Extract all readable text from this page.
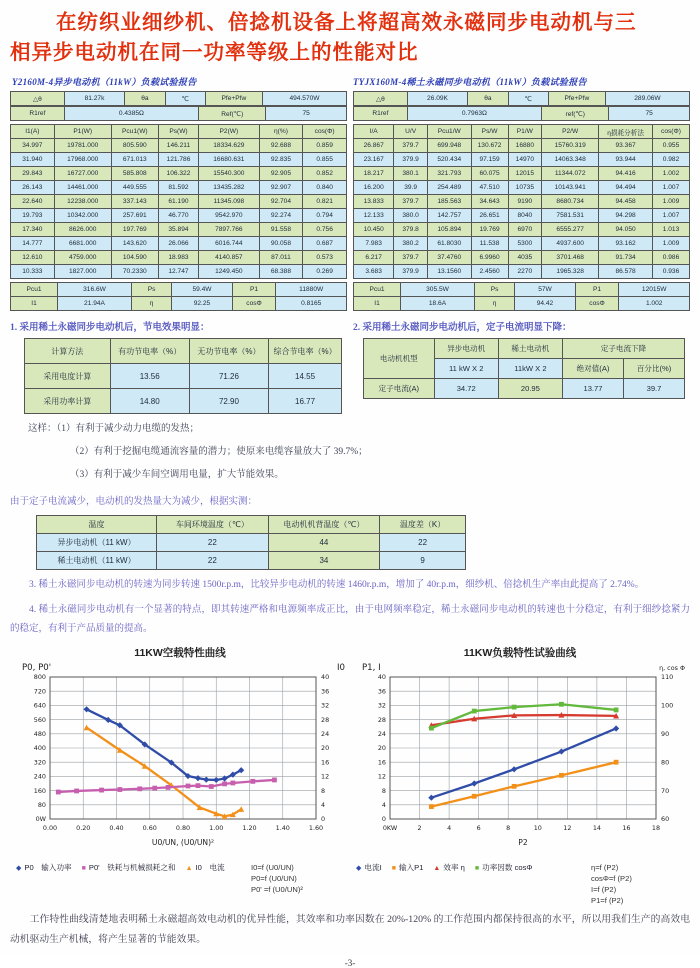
在纺织业细纱机、倍捻机设备上将超高效永磁同步电动机与三
相异步电动机在同一功率等级上的性能对比
Y2160M-4异步电动机（11kW）负载试验报告	TYJX160M-4稀土永磁同步电动机（11kW）负载试验报告
△θ	81.27k	θa	℃	Pfe+Pfw	494.570W
R1ref	0.4385Ω	Ref(℃)	75
I1(A)	P1(W)	Pcu1(W)	Ps(W)	P2(W)	η(%)	cos(Φ)
34.997	19781.000	805.590	146.211	18334.629	92.688	0.859
31.940	17968.000	671.013	121.786	16680.631	92.835	0.855
29.843	16727.000	585.808	106.322	15540.300	92.905	0.852
26.143	14461.000	449.555	81.592	13435.282	92.907	0.840
22.640	12238.000	337.143	61.190	11345.098	92.704	0.821
19.793	10342.000	257.691	46.770	9542.970	92.274	0.794
17.340	8626.000	197.769	35.894	7897.766	91.558	0.756
14.777	6681.000	143.620	26.066	6016.744	90.058	0.687
12.610	4759.000	104.590	18.983	4140.857	87.011	0.573
10.333	1827.000	70.2330	12.747	1249.450	68.388	0.269
Pcu1	316.6W	Ps	59.4W	P1	11880W
I1	21.94A	η	92.25	cosΦ	0.8165
△θ	26.09K	θa	℃	Pfe+Pfw	289.06W
R1ref	0.7963Ω	ref(℃)	75
I/A	U/V	Pcu1/W	Ps/W	P1/W	P2/W	η损耗分析法	cos(Φ)
26.867	379.7	699.948	130.672	16880	15760.319	93.367	0.955
23.167	379.9	520.434	97.159	14970	14063.348	93.944	0.982
18.217	380.1	321.793	60.075	12015	11344.072	94.416	1.002
16.200	39.9	254.489	47.510	10735	10143.941	94.494	1.007
13.833	379.7	185.563	34.643	9190	8680.734	94.458	1.009
12.133	380.0	142.757	26.651	8040	7581.531	94.298	1.007
10.450	379.8	105.894	19.769	6970	6555.277	94.050	1.013
7.983	380.2	61.8030	11.538	5300	4937.600	93.162	1.009
6.217	379.7	37.4760	6.9960	4035	3701.468	91.734	0.986
3.683	379.9	13.1560	2.4560	2270	1965.328	86.578	0.936
Pcu1	305.5W	Ps	57W	P1	12015W
I1	18.6A	η	94.42	cosΦ	1.002
1. 采用稀土永磁同步电动机后，节电效果明显：
计算方法	有功节电率（%）	无功节电率（%）	综合节电率（%）
采用电度计算	13.56	71.26	14.55
采用功率计算	14.80	72.90	16.77
2. 采用稀土永磁同步电动机后，定子电流明显下降：
电动机机型	异步电动机	稀土电动机	定子电流下降	
	11 kW X 2	11kW X 2	绝对值(A)	百分比(%)
定子电流(A)	34.72	20.95	13.77	39.7
这样：（1）有利于减少动力电缆的发热；
（2）有利于挖掘电缆通流容量的潜力；使原来电缆容量放大了 39.7%；
（3）有利于减少车间空调用电量，扩大节能效果。
由于定子电流减少，电动机的发热量大为减少，根据实测：
温度	车间环境温度（℃）	电动机机背温度（℃）	温度差（K）
异步电动机（11 kW）	22	44	22
稀土电动机（11 kW）	22	34	9
3. 稀土永磁同步电动机的转速为同步转速 1500r.p.m，比较异步电动机的转速 1460r.p.m，增加了 40r.p.m，细纱机、倍捻机生产率由此提高了 2.74%。
4. 稀土永磁同步电动机有一个显著的特点，即其转速严格和电源频率成正比，由于电网频率稳定，稀土永磁同步电动机的转速也十分稳定，有利于细纱捻紧力的稳定，有利于产品质量的提高。
11KW空载特性曲线
0.00	0.20	0.40	0.60	0.80	1.00	1.20	1.40	1.60
0W
80
160
240
320
400
480
560
640
720
800
0
4
8
12
16
20
24
28
32
36
40
P0, P0'	I0
U0/UN, (U0/UN)²
◆ P0　输入功率 ■ P0'　铁耗与机械损耗之和 ▲ I0　电流	I0=f (U0/UN)
P0=f (U0/UN)
P0' =f (U0/UN)²
11KW负载特性试验曲线
0KW	2	4	6	8	10	12	14	16	18
0
4
8
12
16
20
24
28
32
36
40
60
70
80
90
100
110
P1, I	η, cos Φ
P2
◆ 电流I ■ 输入P1 ▲ 效率 η ■ 功率因数 cosΦ	η=f (P2)
cosΦ=f (P2)
I=f (P2)
P1=f (P2)
工作特性曲线清楚地表明稀土永磁超高效电动机的优异性能，其效率和功率因数在 20%-120% 的工作范围内都保持很高的水平，所以用我们生产的高效电动机驱动生产机械，将产生显著的节能效果。
-3-
